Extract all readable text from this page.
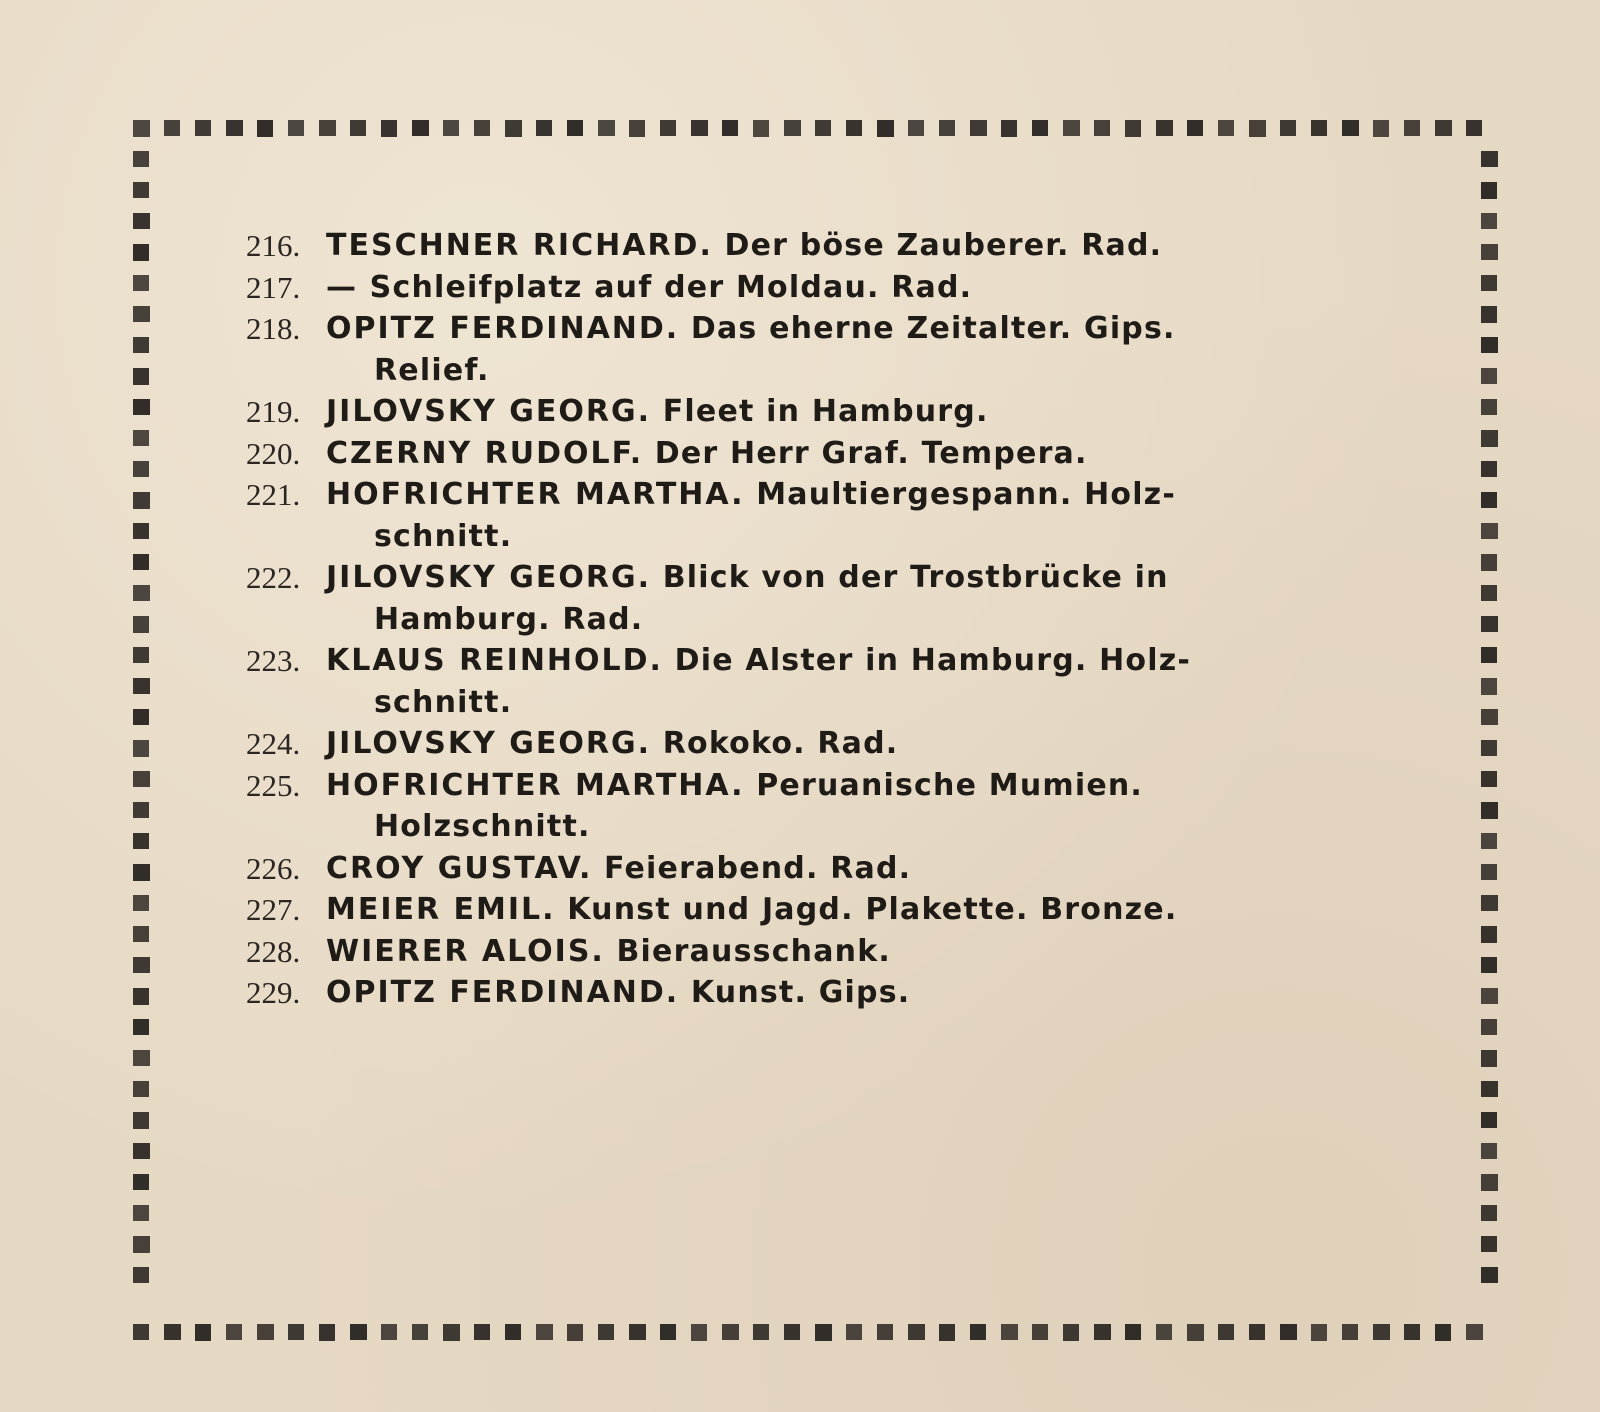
216. TESCHNER RICHARD. Der böse Zauberer. Rad.
217. — Schleifplatz auf der Moldau. Rad.
218. OPITZ FERDINAND. Das eherne Zeitalter. Gips.
Relief.
219. JILOVSKY GEORG. Fleet in Hamburg.
220. CZERNY RUDOLF. Der Herr Graf. Tempera.
221. HOFRICHTER MARTHA. Maultiergespann. Holz-
schnitt.
222. JILOVSKY GEORG. Blick von der Trostbrücke in
Hamburg. Rad.
223. KLAUS REINHOLD. Die Alster in Hamburg. Holz-
schnitt.
224. JILOVSKY GEORG. Rokoko. Rad.
225. HOFRICHTER MARTHA. Peruanische Mumien.
Holzschnitt.
226. CROY GUSTAV. Feierabend. Rad.
227. MEIER EMIL. Kunst und Jagd. Plakette. Bronze.
228. WIERER ALOIS. Bierausschank.
229. OPITZ FERDINAND. Kunst. Gips.
